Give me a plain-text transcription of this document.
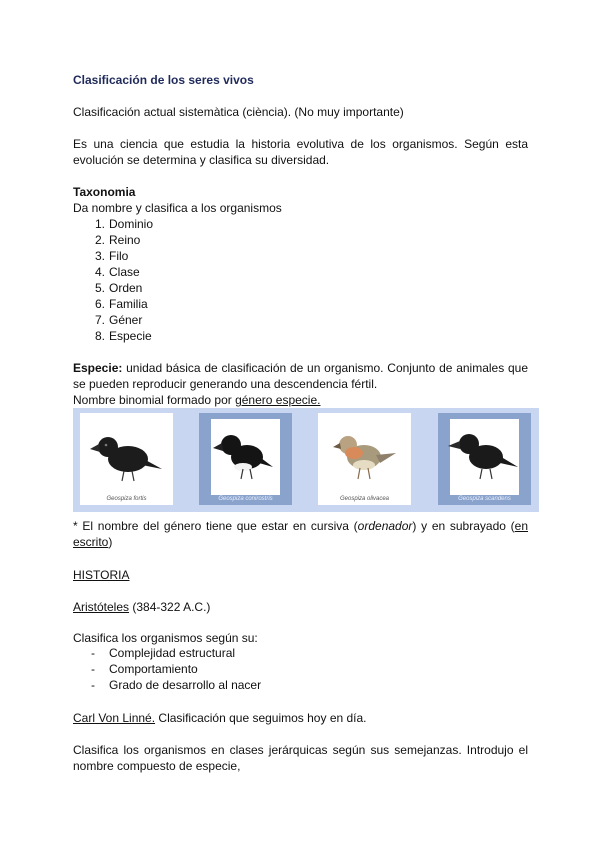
Clasificación de los seres vivos

Clasificación actual sistemàtica (ciència). (No muy importante)

Es una ciencia que estudia la historia evolutiva de los organismos. Según esta evolución se determina y clasifica su diversidad.

Taxonomia

Da nombre y clasifica a los organismos

1. Dominio
2. Reino
3. Filo
4. Clase
5. Orden
6. Familia
7. Géner
8. Especie

Especie: unidad básica de clasificación de un organismo. Conjunto de animales que se pueden reproducir generando una descendencia fértil.

Nombre binomial formado por género especie.

Geospiza fortis	Geospiza conirostris	Geospiza olivacea	Geospiza scandens

* El nombre del género tiene que estar en cursiva (ordenador) y en subrayado (en escrito)

HISTORIA

Aristóteles (384-322 A.C.)

Clasifica los organismos según su:

- Complejidad estructural
- Comportamiento
- Grado de desarrollo al nacer

Carl Von Linné. Clasificación que seguimos hoy en día.

Clasifica los organismos en clases jerárquicas según sus semejanzas. Introdujo el nombre compuesto de especie,
